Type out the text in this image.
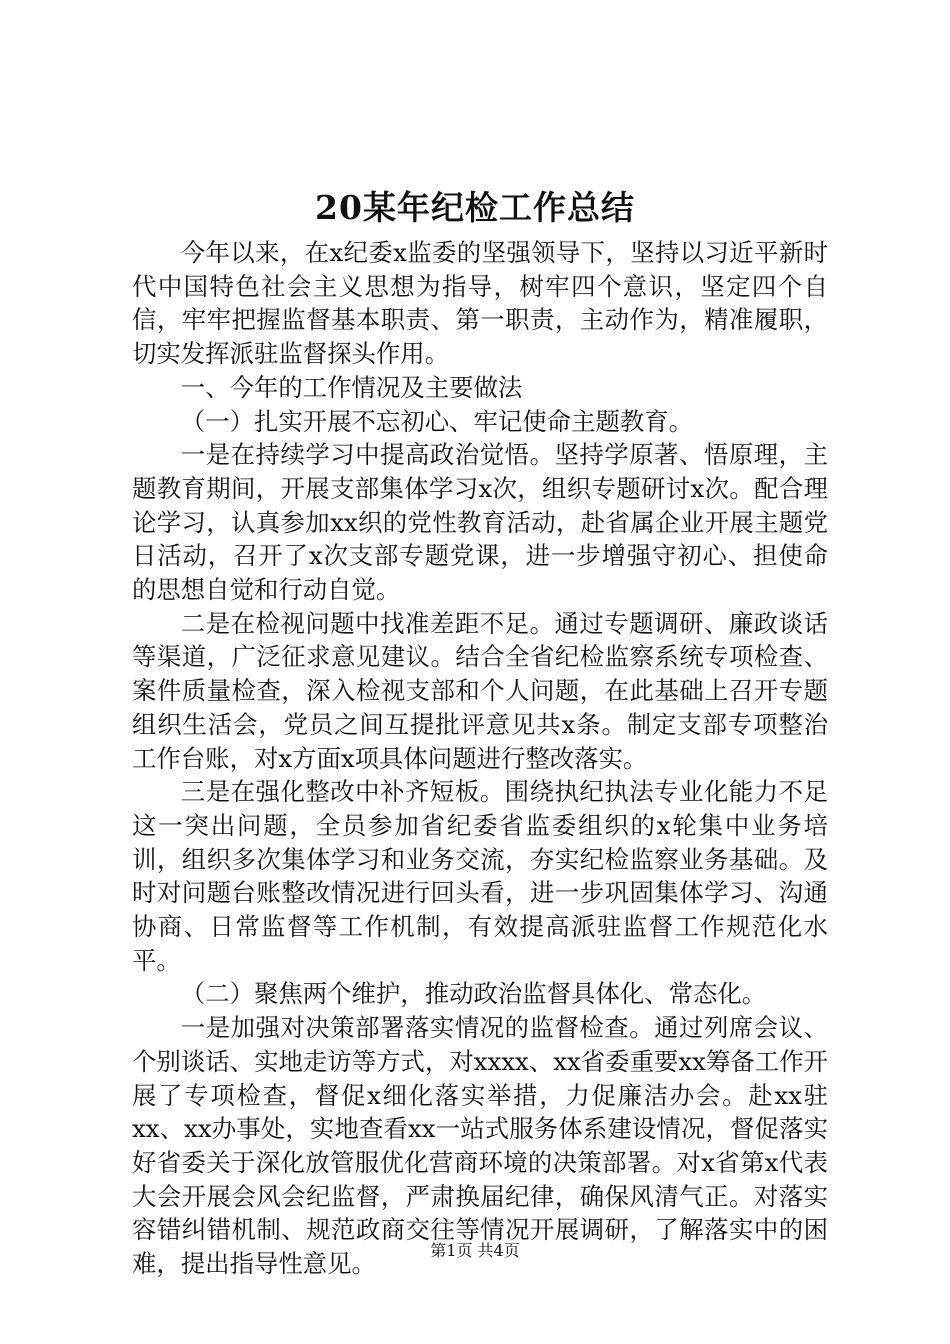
20某年纪检工作总结

今年以来，在x纪委x监委的坚强领导下，坚持以习近平新时代中国特色社会主义思想为指导，树牢四个意识，坚定四个自信，牢牢把握监督基本职责、第一职责，主动作为，精准履职，切实发挥派驻监督探头作用。

一、今年的工作情况及主要做法

（一）扎实开展不忘初心、牢记使命主题教育。

一是在持续学习中提高政治觉悟。坚持学原著、悟原理，主题教育期间，开展支部集体学习x次，组织专题研讨x次。配合理论学习，认真参加xx织的党性教育活动，赴省属企业开展主题党日活动，召开了x次支部专题党课，进一步增强守初心、担使命的思想自觉和行动自觉。

二是在检视问题中找准差距不足。通过专题调研、廉政谈话等渠道，广泛征求意见建议。结合全省纪检监察系统专项检查、案件质量检查，深入检视支部和个人问题，在此基础上召开专题组织生活会，党员之间互提批评意见共x条。制定支部专项整治工作台账，对x方面x项具体问题进行整改落实。

三是在强化整改中补齐短板。围绕执纪执法专业化能力不足这一突出问题，全员参加省纪委省监委组织的x轮集中业务培训，组织多次集体学习和业务交流，夯实纪检监察业务基础。及时对问题台账整改情况进行回头看，进一步巩固集体学习、沟通协商、日常监督等工作机制，有效提高派驻监督工作规范化水平。

（二）聚焦两个维护，推动政治监督具体化、常态化。

一是加强对决策部署落实情况的监督检查。通过列席会议、个别谈话、实地走访等方式，对xxxx、xx省委重要xx筹备工作开展了专项检查，督促x细化落实举措，力促廉洁办会。赴xx驻xx、xx办事处，实地查看xx一站式服务体系建设情况，督促落实好省委关于深化放管服优化营商环境的决策部署。对x省第x代表大会开展会风会纪监督，严肃换届纪律，确保风清气正。对落实容错纠错机制、规范政商交往等情况开展调研，了解落实中的困难，提出指导性意见。	第1页 共4页
